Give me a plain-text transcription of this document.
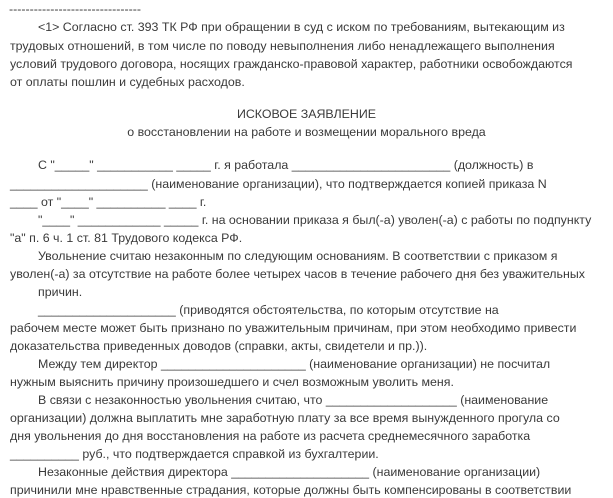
--------------------------------
<1> Согласно ст. 393 ТК РФ при обращении в суд с иском по требованиям, вытекающим из
трудовых отношений, в том числе по поводу невыполнения либо ненадлежащего выполнения
условий трудового договора, носящих гражданско-правовой характер, работники освобождаются
от оплаты пошлин и судебных расходов.
ИСКОВОЕ ЗАЯВЛЕНИЕ
о восстановлении на работе и возмещении морального вреда
С "_____" ___________ _____ г. я работала _______________________ (должность) в
____________________ (наименование организации), что подтверждается копией приказа N
____ от "____" __________ ____ г.
"____" ____________ _____ г. на основании приказа я был(-а) уволен(-а) с работы по подпункту
"а" п. 6 ч. 1 ст. 81 Трудового кодекса РФ.
Увольнение считаю незаконным по следующим основаниям. В соответствии с приказом я
уволен(-а) за отсутствие на работе более четырех часов в течение рабочего дня без уважительных
причин.
____________________ (приводятся обстоятельства, по которым отсутствие на
рабочем месте может быть признано по уважительным причинам, при этом необходимо привести
доказательства приведенных доводов (справки, акты, свидетели и пр.)).
Между тем директор _____________________ (наименование организации) не посчитал
нужным выяснить причину произошедшего и счел возможным уволить меня.
В связи с незаконностью увольнения считаю, что ___________________ (наименование
организации) должна выплатить мне заработную плату за все время вынужденного прогула со
дня увольнения до дня восстановления на работе из расчета среднемесячного заработка
__________ руб., что подтверждается справкой из бухгалтерии.
Незаконные действия директора ____________________ (наименование организации)
причинили мне нравственные страдания, которые должны быть компенсированы в соответствии
